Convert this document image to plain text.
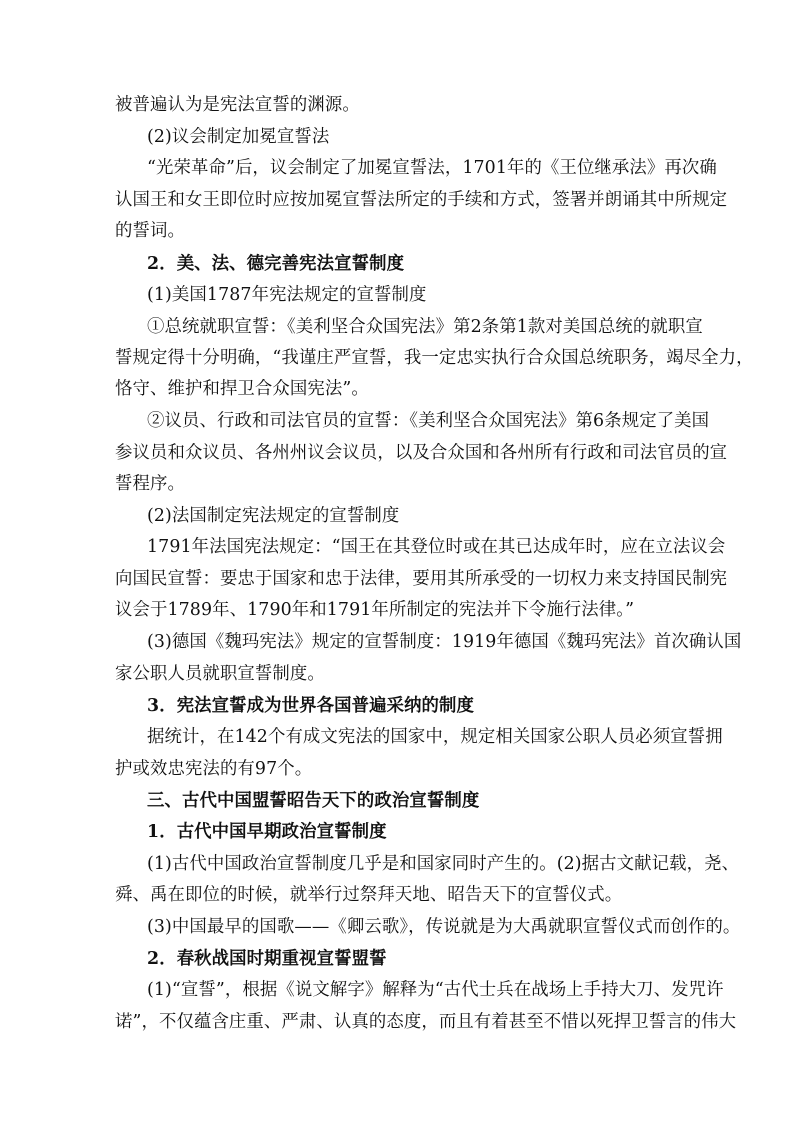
被普遍认为是宪法宣誓的渊源。
(2)议会制定加冕宣誓法
“光荣革命”后，议会制定了加冕宣誓法，1701年的《王位继承法》再次确
认国王和女王即位时应按加冕宣誓法所定的手续和方式，签署并朗诵其中所规定
的誓词。
2．美、法、德完善宪法宣誓制度
(1)美国1787年宪法规定的宣誓制度
①总统就职宣誓：《美利坚合众国宪法》第2条第1款对美国总统的就职宣
誓规定得十分明确，“我谨庄严宣誓，我一定忠实执行合众国总统职务，竭尽全力，
恪守、维护和捍卫合众国宪法”。
②议员、行政和司法官员的宣誓：《美利坚合众国宪法》第6条规定了美国
参议员和众议员、各州州议会议员，以及合众国和各州所有行政和司法官员的宣
誓程序。
(2)法国制定宪法规定的宣誓制度
1791年法国宪法规定：“国王在其登位时或在其已达成年时，应在立法议会
向国民宣誓：要忠于国家和忠于法律，要用其所承受的一切权力来支持国民制宪
议会于1789年、1790年和1791年所制定的宪法并下令施行法律。”
(3)德国《魏玛宪法》规定的宣誓制度：1919年德国《魏玛宪法》首次确认国
家公职人员就职宣誓制度。
3．宪法宣誓成为世界各国普遍采纳的制度
据统计，在142个有成文宪法的国家中，规定相关国家公职人员必须宣誓拥
护或效忠宪法的有97个。
三、古代中国盟誓昭告天下的政治宣誓制度
1．古代中国早期政治宣誓制度
(1)古代中国政治宣誓制度几乎是和国家同时产生的。(2)据古文献记载，尧、
舜、禹在即位的时候，就举行过祭拜天地、昭告天下的宣誓仪式。
(3)中国最早的国歌——《卿云歌》，传说就是为大禹就职宣誓仪式而创作的。
2．春秋战国时期重视宣誓盟誓
(1)“宣誓”，根据《说文解字》解释为“古代士兵在战场上手持大刀、发咒许
诺”，不仅蕴含庄重、严肃、认真的态度，而且有着甚至不惜以死捍卫誓言的伟大
